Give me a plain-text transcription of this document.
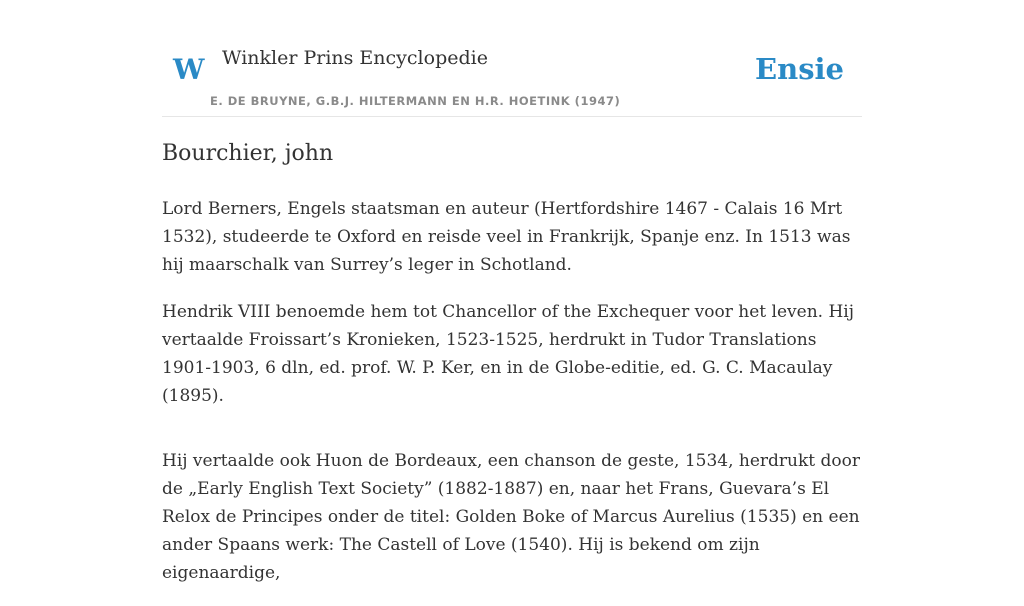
W Winkler Prins Encyclopedie
E. DE BRUYNE, G.B.J. HILTERMANN EN H.R. HOETINK (1947)
Ensie
Bourchier, john

Lord Berners, Engels staatsman en auteur (Hertfordshire 1467 - Calais 16 Mrt 1532), studeerde te Oxford en reisde veel in Frankrijk, Spanje enz. In 1513 was hij maarschalk van Surrey’s leger in Schotland.

Hendrik VIII benoemde hem tot Chancellor of the Exchequer voor het leven. Hij vertaalde Froissart’s Kronieken, 1523-1525, herdrukt in Tudor Translations 1901-1903, 6 dln, ed. prof. W. P. Ker, en in de Globe-editie, ed. G. C. Macaulay (1895).

Hij vertaalde ook Huon de Bordeaux, een chanson de geste, 1534, herdrukt door de „Early English Text Society” (1882-1887) en, naar het Frans, Guevara’s El Relox de Principes onder de titel: Golden Boke of Marcus Aurelius (1535) en een ander Spaans werk: The Castell of Love (1540). Hij is bekend om zijn eigenaardige,
